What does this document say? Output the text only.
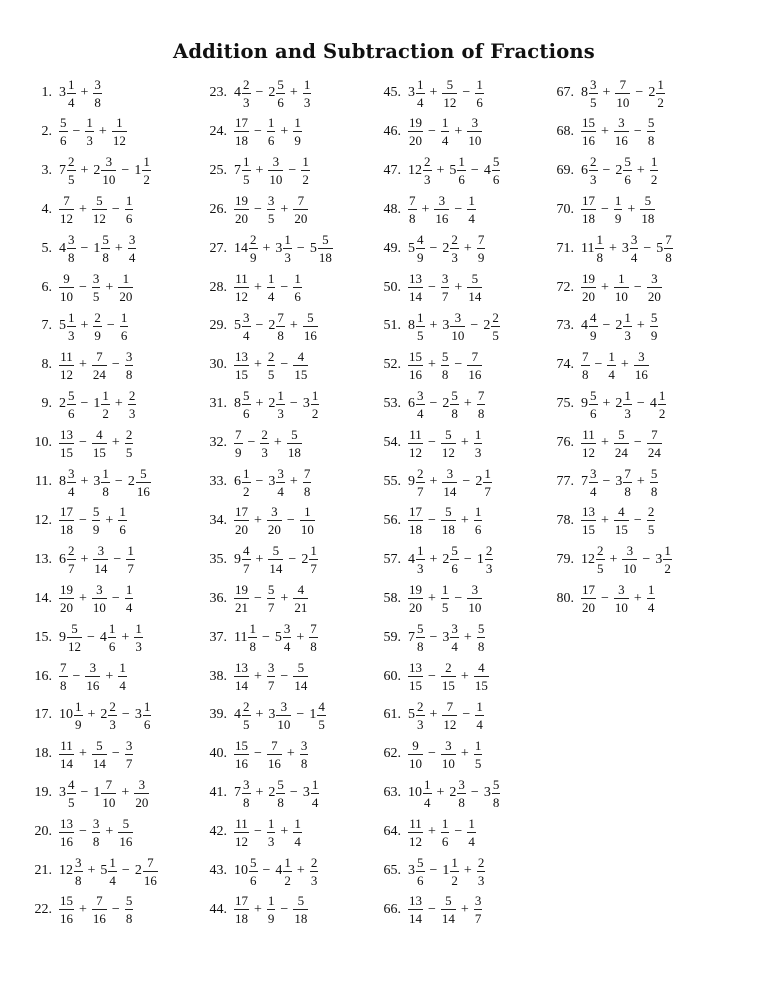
Addition and Subtraction of Fractions
1. $3 \frac{1}{4} + \frac{3}{8}$
2. $\frac{5}{6} - \frac{1}{3} + \frac{1}{12}$
3. $7 \frac{2}{5} + 2 \frac{3}{10} - 1 \frac{1}{2}$
4. $\frac{7}{12} + \frac{5}{12} - \frac{1}{6}$
5. $4 \frac{3}{8} - 1 \frac{5}{8} + \frac{3}{4}$
6. $\frac{9}{10} - \frac{3}{5} + \frac{1}{20}$
7. $5 \frac{1}{3} + \frac{2}{9} - \frac{1}{6}$
8. $\frac{11}{12} + \frac{7}{24} - \frac{3}{8}$
9. $2 \frac{5}{6} - 1 \frac{1}{2} + \frac{2}{3}$
10. $\frac{13}{15} - \frac{4}{15} + \frac{2}{5}$
11. $8 \frac{3}{4} + 3 \frac{1}{8} - 2 \frac{5}{16}$
12. $\frac{17}{18} - \frac{5}{9} + \frac{1}{6}$
13. $6 \frac{2}{7} + \frac{3}{14} - \frac{1}{7}$
14. $\frac{19}{20} + \frac{3}{10} - \frac{1}{4}$
15. $9 \frac{5}{12} - 4 \frac{1}{6} + \frac{1}{3}$
16. $\frac{7}{8} - \frac{3}{16} + \frac{1}{4}$
17. $10 \frac{1}{9} + 2 \frac{2}{3} - 3 \frac{1}{6}$
18. $\frac{11}{14} + \frac{5}{14} - \frac{3}{7}$
19. $3 \frac{4}{5} - 1 \frac{7}{10} + \frac{3}{20}$
20. $\frac{13}{16} - \frac{3}{8} + \frac{5}{16}$
21. $12 \frac{3}{8} + 5 \frac{1}{4} - 2 \frac{7}{16}$
22. $\frac{15}{16} + \frac{7}{16} - \frac{5}{8}$
23. $4 \frac{2}{3} - 2 \frac{5}{6} + \frac{1}{3}$
24. $\frac{17}{18} - \frac{1}{6} + \frac{1}{9}$
25. $7 \frac{1}{5} + \frac{3}{10} - \frac{1}{2}$
26. $\frac{19}{20} - \frac{3}{5} + \frac{7}{20}$
27. $14 \frac{2}{9} + 3 \frac{1}{3} - 5 \frac{5}{18}$
28. $\frac{11}{12} + \frac{1}{4} - \frac{1}{6}$
29. $5 \frac{3}{4} - 2 \frac{7}{8} + \frac{5}{16}$
30. $\frac{13}{15} + \frac{2}{5} - \frac{4}{15}$
31. $8 \frac{5}{6} + 2 \frac{1}{3} - 3 \frac{1}{2}$
32. $\frac{7}{9} - \frac{2}{3} + \frac{5}{18}$
33. $6 \frac{1}{2} - 3 \frac{3}{4} + \frac{7}{8}$
34. $\frac{17}{20} + \frac{3}{20} - \frac{1}{10}$
35. $9 \frac{4}{7} + \frac{5}{14} - 2 \frac{1}{7}$
36. $\frac{19}{21} - \frac{5}{7} + \frac{4}{21}$
37. $11 \frac{1}{8} - 5 \frac{3}{4} + \frac{7}{8}$
38. $\frac{13}{14} + \frac{3}{7} - \frac{5}{14}$
39. $4 \frac{2}{5} + 3 \frac{3}{10} - 1 \frac{4}{5}$
40. $\frac{15}{16} - \frac{7}{16} + \frac{3}{8}$
41. $7 \frac{3}{8} + 2 \frac{5}{8} - 3 \frac{1}{4}$
42. $\frac{11}{12} - \frac{1}{3} + \frac{1}{4}$
43. $10 \frac{5}{6} - 4 \frac{1}{2} + \frac{2}{3}$
44. $\frac{17}{18} + \frac{1}{9} - \frac{5}{18}$
45. $3 \frac{1}{4} + \frac{5}{12} - \frac{1}{6}$
46. $\frac{19}{20} - \frac{1}{4} + \frac{3}{10}$
47. $12 \frac{2}{3} + 5 \frac{1}{6} - 4 \frac{5}{6}$
48. $\frac{7}{8} + \frac{3}{16} - \frac{1}{4}$
49. $5 \frac{4}{9} - 2 \frac{2}{3} + \frac{7}{9}$
50. $\frac{13}{14} - \frac{3}{7} + \frac{5}{14}$
51. $8 \frac{1}{5} + 3 \frac{3}{10} - 2 \frac{2}{5}$
52. $\frac{15}{16} + \frac{5}{8} - \frac{7}{16}$
53. $6 \frac{3}{4} - 2 \frac{5}{8} + \frac{7}{8}$
54. $\frac{11}{12} - \frac{5}{12} + \frac{1}{3}$
55. $9 \frac{2}{7} + \frac{3}{14} - 2 \frac{1}{7}$
56. $\frac{17}{18} - \frac{5}{18} + \frac{1}{6}$
57. $4 \frac{1}{3} + 2 \frac{5}{6} - 1 \frac{2}{3}$
58. $\frac{19}{20} + \frac{1}{5} - \frac{3}{10}$
59. $7 \frac{5}{8} - 3 \frac{3}{4} + \frac{5}{8}$
60. $\frac{13}{15} - \frac{2}{15} + \frac{4}{15}$
61. $5 \frac{2}{3} + \frac{7}{12} - \frac{1}{4}$
62. $\frac{9}{10} - \frac{3}{10} + \frac{1}{5}$
63. $10 \frac{1}{4} + 2 \frac{3}{8} - 3 \frac{5}{8}$
64. $\frac{11}{12} + \frac{1}{6} - \frac{1}{4}$
65. $3 \frac{5}{6} - 1 \frac{1}{2} + \frac{2}{3}$
66. $\frac{13}{14} - \frac{5}{14} + \frac{3}{7}$
67. $8 \frac{3}{5} + \frac{7}{10} - 2 \frac{1}{2}$
68. $\frac{15}{16} + \frac{3}{16} - \frac{5}{8}$
69. $6 \frac{2}{3} - 2 \frac{5}{6} + \frac{1}{2}$
70. $\frac{17}{18} - \frac{1}{9} + \frac{5}{18}$
71. $11 \frac{1}{8} + 3 \frac{3}{4} - 5 \frac{7}{8}$
72. $\frac{19}{20} + \frac{1}{10} - \frac{3}{20}$
73. $4 \frac{4}{9} - 2 \frac{1}{3} + \frac{5}{9}$
74. $\frac{7}{8} - \frac{1}{4} + \frac{3}{16}$
75. $9 \frac{5}{6} + 2 \frac{1}{3} - 4 \frac{1}{2}$
76. $\frac{11}{12} + \frac{5}{24} - \frac{7}{24}$
77. $7 \frac{3}{4} - 3 \frac{7}{8} + \frac{5}{8}$
78. $\frac{13}{15} + \frac{4}{15} - \frac{2}{5}$
79. $12 \frac{2}{5} + \frac{3}{10} - 3 \frac{1}{2}$
80. $\frac{17}{20} - \frac{3}{10} + \frac{1}{4}$
